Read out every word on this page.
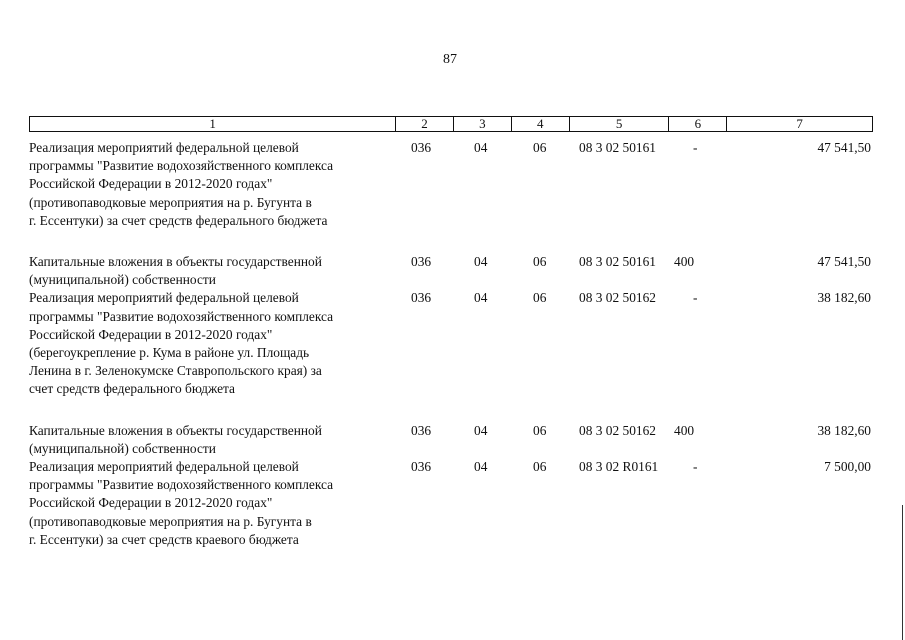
87
1	2	3	4	5	6	7
Реализация мероприятий федеральной целевой
программы "Развитие водохозяйственного комплекса
Российской Федерации в 2012-2020 годах"
(противопаводковые мероприятия на р. Бугунта в
г. Ессентуки) за счет средств федерального бюджета
036	04	06	08 3 02 50161	-	47 541,50
Капитальные вложения в объекты государственной
(муниципальной) собственности
036	04	06	08 3 02 50161	400	47 541,50
Реализация мероприятий федеральной целевой
программы "Развитие водохозяйственного комплекса
Российской Федерации в 2012-2020 годах"
(берегоукрепление р. Кума в районе ул. Площадь
Ленина в г. Зеленокумске Ставропольского края) за
счет средств федерального бюджета
036	04	06	08 3 02 50162	-	38 182,60
Капитальные вложения в объекты государственной
(муниципальной) собственности
036	04	06	08 3 02 50162	400	38 182,60
Реализация мероприятий федеральной целевой
программы "Развитие водохозяйственного комплекса
Российской Федерации в 2012-2020 годах"
(противопаводковые мероприятия на р. Бугунта в
г. Ессентуки) за счет средств краевого бюджета
036	04	06	08 3 02 R0161	-	7 500,00
